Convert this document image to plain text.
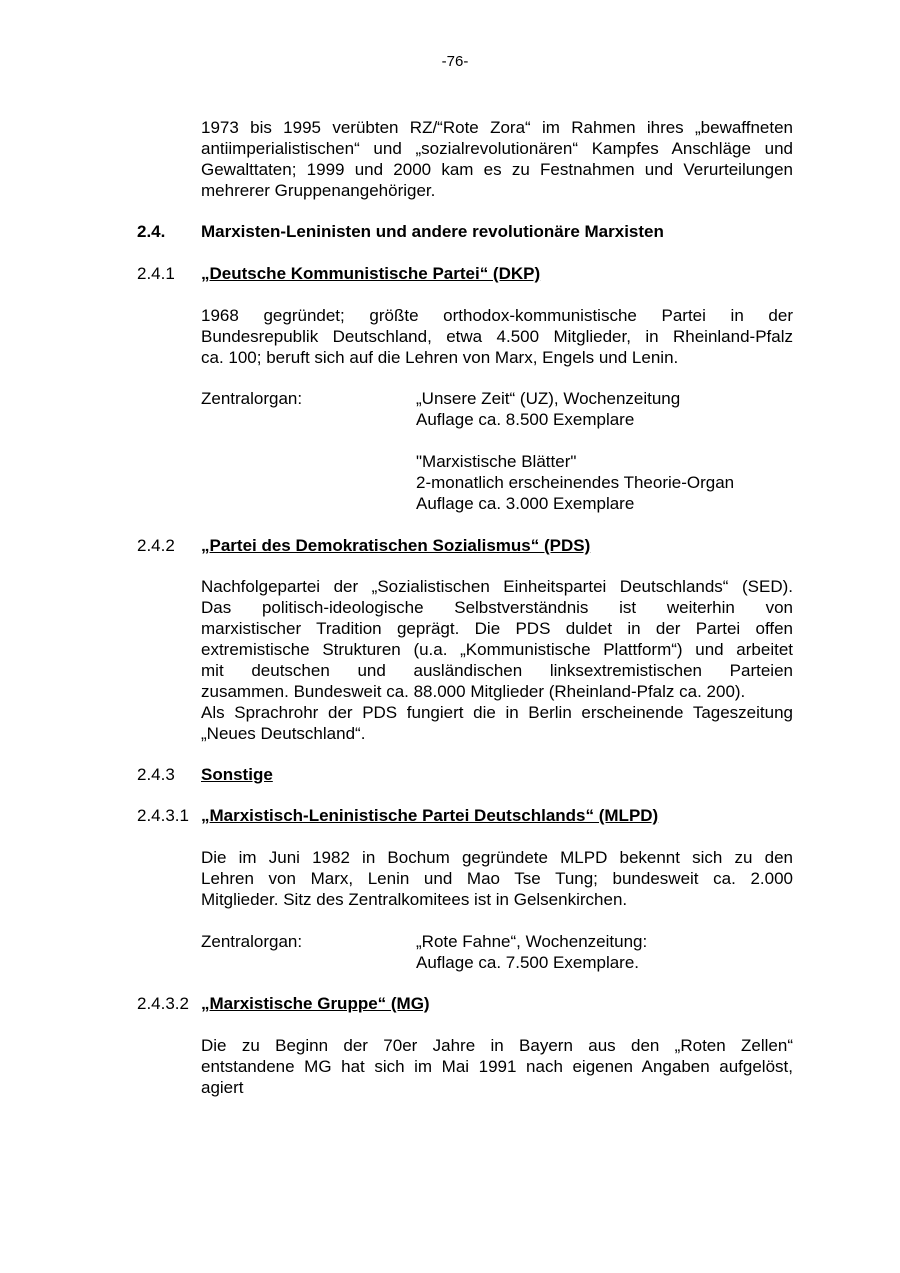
-76-
1973 bis 1995 verübten RZ/“Rote Zora“ im Rahmen ihres „bewaffneten
antiimperialistischen“ und „sozialrevolutionären“ Kampfes Anschläge und
Gewalttaten; 1999 und 2000 kam es zu Festnahmen und Verurteilungen
mehrerer Gruppenangehöriger.
2.4.	Marxisten-Leninisten und andere revolutionäre Marxisten
2.4.1	„Deutsche Kommunistische Partei“ (DKP)
1968 gegründet; größte orthodox-kommunistische Partei in der
Bundesrepublik Deutschland, etwa 4.500 Mitglieder, in Rheinland-Pfalz
ca. 100; beruft sich auf die Lehren von Marx, Engels und Lenin.
Zentralorgan:	„Unsere Zeit“ (UZ), Wochenzeitung
Auflage ca. 8.500 Exemplare
"Marxistische Blätter"
2-monatlich erscheinendes Theorie-Organ
Auflage ca. 3.000 Exemplare
2.4.2	„Partei des Demokratischen Sozialismus“ (PDS)
Nachfolgepartei der „Sozialistischen Einheitspartei Deutschlands“ (SED).
Das politisch-ideologische Selbstverständnis ist weiterhin von
marxistischer Tradition geprägt. Die PDS duldet in der Partei offen
extremistische Strukturen (u.a. „Kommunistische Plattform“) und arbeitet
mit deutschen und ausländischen linksextremistischen Parteien
zusammen. Bundesweit ca. 88.000 Mitglieder (Rheinland-Pfalz ca. 200).
Als Sprachrohr der PDS fungiert die in Berlin erscheinende Tageszeitung
„Neues Deutschland“.
2.4.3	Sonstige
2.4.3.1 „Marxistisch-Leninistische Partei Deutschlands“ (MLPD)
Die im Juni 1982 in Bochum gegründete MLPD bekennt sich zu den
Lehren von Marx, Lenin und Mao Tse Tung; bundesweit ca. 2.000
Mitglieder. Sitz des Zentralkomitees ist in Gelsenkirchen.
Zentralorgan:	„Rote Fahne“, Wochenzeitung:
Auflage ca. 7.500 Exemplare.
2.4.3.2 „Marxistische Gruppe“ (MG)
Die zu Beginn der 70er Jahre in Bayern aus den „Roten Zellen“
entstandene MG hat sich im Mai 1991 nach eigenen Angaben aufgelöst,
agiert
